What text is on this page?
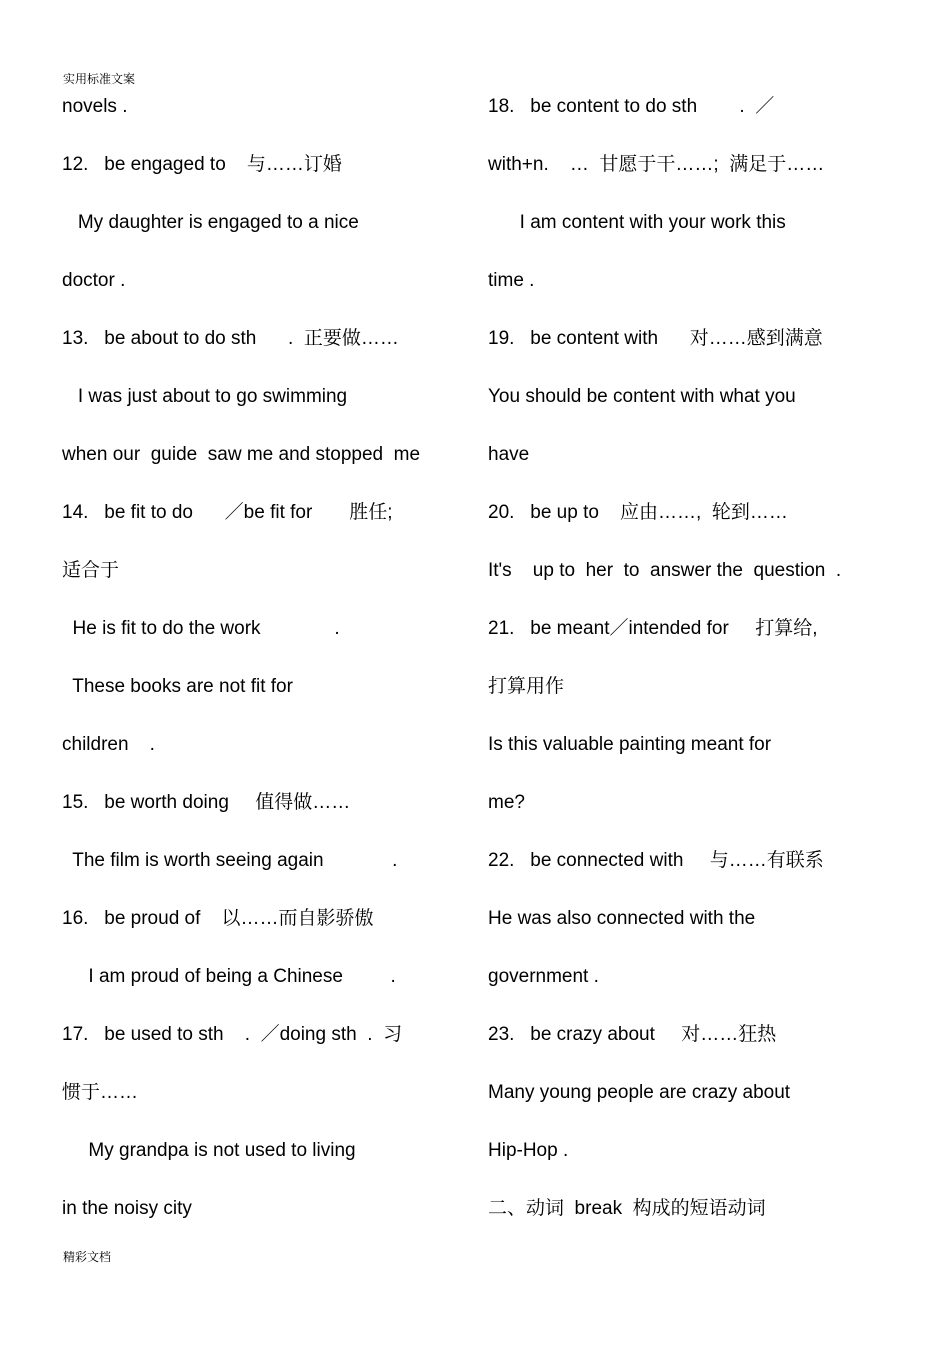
实用标准文案
novels .
12.   be engaged to    与……订婚
My daughter is engaged to a nice
doctor .
13.   be about to do sth      .  正要做……
I was just about to go swimming
when our  guide  saw me and stopped  me
14.   be fit to do      ／be fit for       胜任;
适合于
He is fit to do the work              .
These books are not fit for
children    .
15.   be worth doing     值得做……
The film is worth seeing again             .
16.   be proud of    以……而自影骄傲
I am proud of being a Chinese         .
17.   be used to sth    .  ／doing sth  .  习
惯于……
My grandpa is not used to living
in the noisy city
18.   be content to do sth        .  ／
with+n.    …  甘愿于干……;  满足于……
I am content with your work this
time .
19.   be content with      对……感到满意
You should be content with what you
have
20.   be up to    应由……,  轮到……
It's    up to  her  to  answer the  question  .
21.   be meant／intended for     打算给,
打算用作
Is this valuable painting meant for
me?
22.   be connected with     与……有联系
He was also connected with the
government .
23.   be crazy about     对……狂热
Many young people are crazy about
Hip-Hop .
二、动词  break  构成的短语动词
精彩文档
